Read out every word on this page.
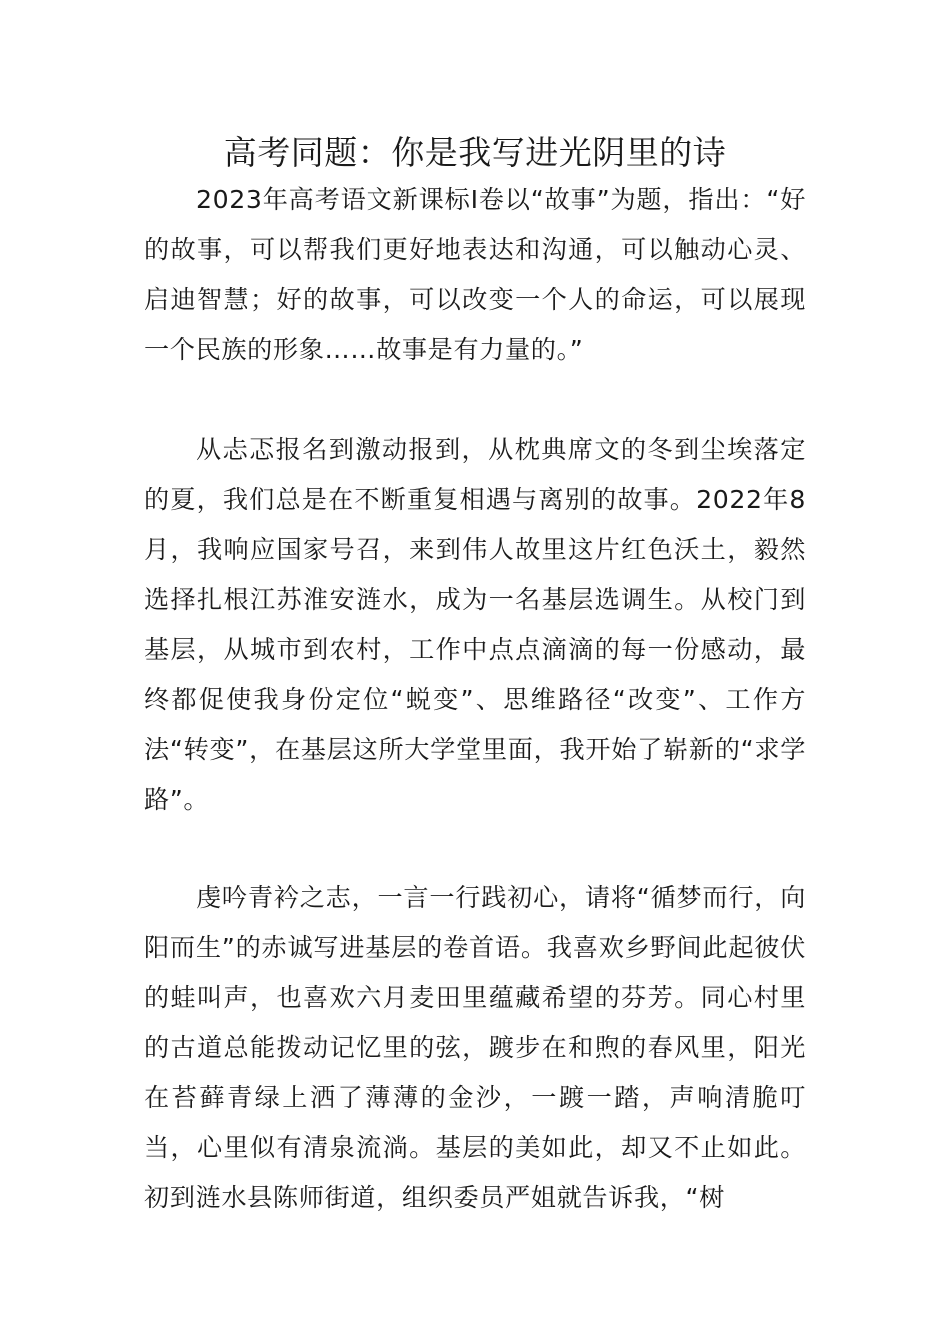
高考同题：你是我写进光阴里的诗

2023年高考语文新课标Ⅰ卷以“故事”为题，指出：“好的故事，可以帮我们更好地表达和沟通，可以触动心灵、启迪智慧；好的故事，可以改变一个人的命运，可以展现一个民族的形象……故事是有力量的。”

从忐忑报名到激动报到，从枕典席文的冬到尘埃落定的夏，我们总是在不断重复相遇与离别的故事。2022年8月，我响应国家号召，来到伟人故里这片红色沃土，毅然选择扎根江苏淮安涟水，成为一名基层选调生。从校门到基层，从城市到农村，工作中点点滴滴的每一份感动，最终都促使我身份定位“蜕变”、思维路径“改变”、工作方法“转变”，在基层这所大学堂里面，我开始了崭新的“求学路”。

虔吟青衿之志，一言一行践初心，请将“循梦而行，向阳而生”的赤诚写进基层的卷首语。我喜欢乡野间此起彼伏的蛙叫声，也喜欢六月麦田里蕴藏希望的芬芳。同心村里的古道总能拨动记忆里的弦，踱步在和煦的春风里，阳光在苔藓青绿上洒了薄薄的金沙，一踱一踏，声响清脆叮当，心里似有清泉流淌。基层的美如此，却又不止如此。初到涟水县陈师街道，组织委员严姐就告诉我，“树
